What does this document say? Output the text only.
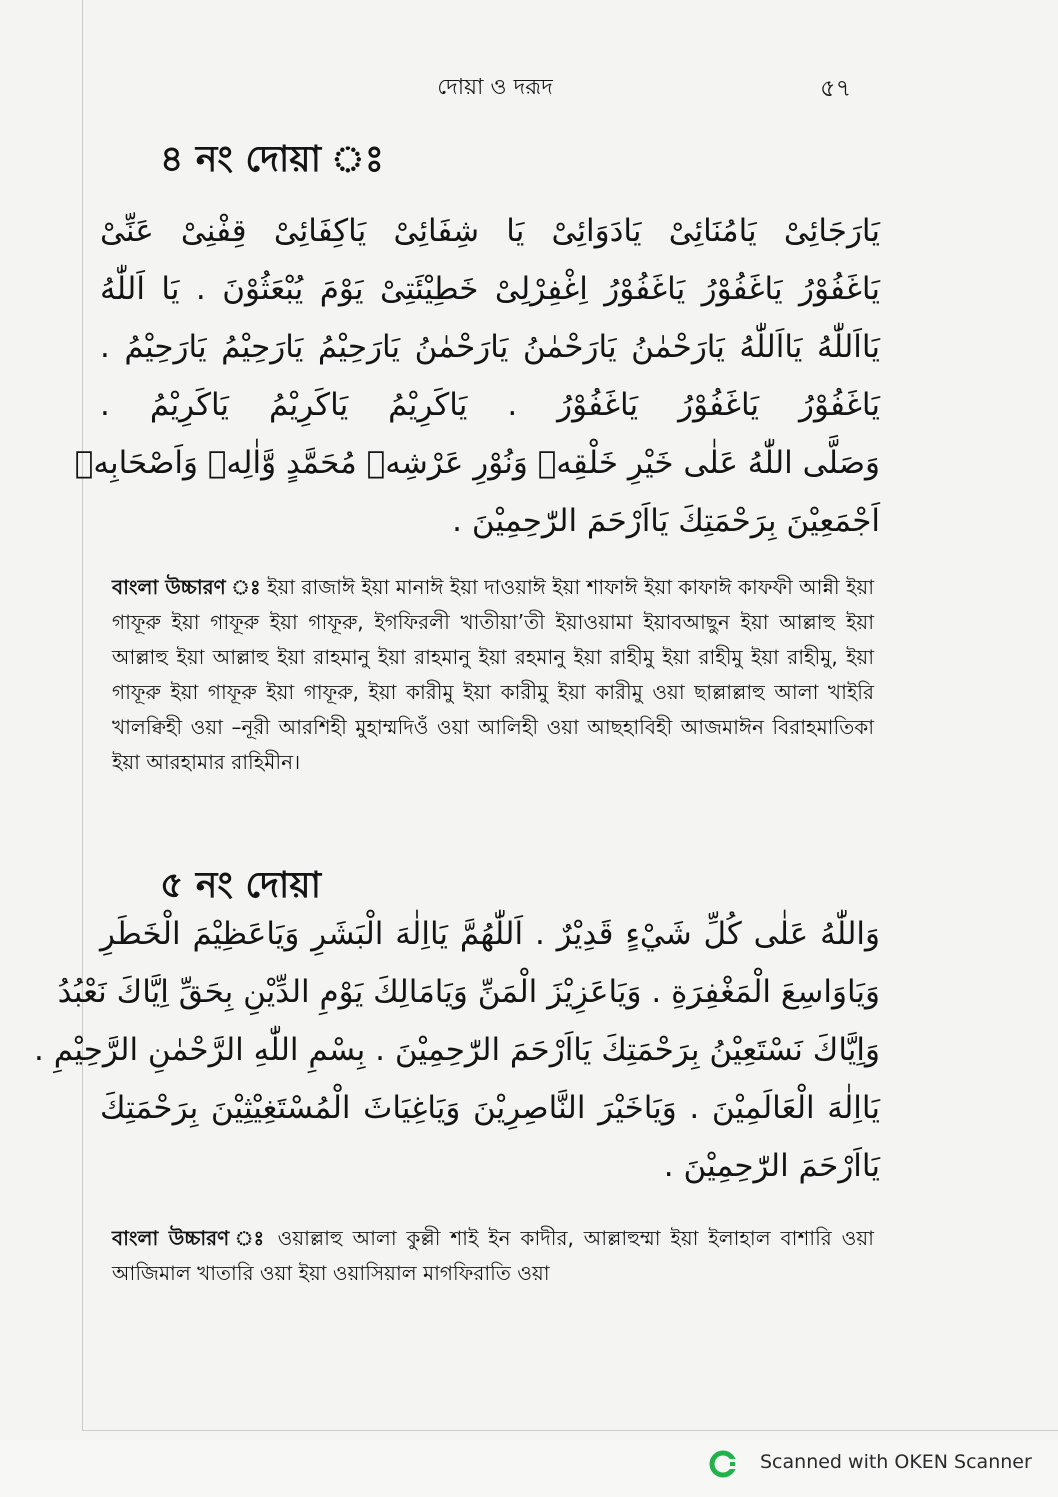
দোয়া ও দরূদ	৫৭
৪ নং দোয়া ঃ
يَارَجَائِىْ يَامُنَائِىْ يَادَوَائِىْ يَا شِفَائِىْ يَاكِفَائِىْ قِفْنِىْ عَنِّىْ
يَاغَفُوْرُ يَاغَفُوْرُ يَاغَفُوْرُ اِغْفِرْلِىْ خَطِيْئَتِىْ يَوْمَ يُبْعَثُوْنَ . يَا اَللّٰهُ
يَااَللّٰهُ يَااَللّٰهُ يَارَحْمٰنُ يَارَحْمٰنُ يَارَحْمٰنُ يَارَحِيْمُ يَارَحِيْمُ يَارَحِيْمُ .
يَاغَفُوْرُ يَاغَفُوْرُ يَاغَفُوْرُ . يَاكَرِيْمُ يَاكَرِيْمُ يَاكَرِيْمُ .
وَصَلَّى اللّٰهُ عَلٰى خَيْرِ خَلْقِهٖ وَنُوْرِ عَرْشِهٖ مُحَمَّدٍ وَّاٰلِهٖ وَاَصْحَابِهٖ
اَجْمَعِيْنَ بِرَحْمَتِكَ يَااَرْحَمَ الرّٰحِمِيْنَ .
বাংলা উচ্চারণ ঃ ইয়া রাজাঈ ইয়া মানাঈ ইয়া দাওয়াঈ ইয়া শাফাঈ ইয়া কাফাঈ কাফফী আন্নী ইয়া গাফূরু ইয়া গাফূরু ইয়া গাফূরু, ইগফিরলী খাতীয়া’তী ইয়াওয়ামা ইয়াবআছুন ইয়া আল্লাহু ইয়া আল্লাহু ইয়া আল্লাহু ইয়া রাহমানু ইয়া রাহমানু ইয়া রহমানু ইয়া রাহীমু ইয়া রাহীমু ইয়া রাহীমু, ইয়া গাফূরু ইয়া গাফূরু ইয়া গাফূরু, ইয়া কারীমু ইয়া কারীমু ইয়া কারীমু ওয়া ছাল্লাল্লাহু আলা খাইরি খালক্বিহী ওয়া –নূরী আরশিহী মুহাম্মদিওঁ ওয়া আলিহী ওয়া আছহাবিহী আজমাঈন বিরাহমাতিকা ইয়া আরহামার রাহিমীন।
৫ নং দোয়া
وَاللّٰهُ عَلٰى كُلِّ شَيْءٍ قَدِيْرٌ . اَللّٰهُمَّ يَااِلٰهَ الْبَشَرِ وَيَاعَظِيْمَ الْخَطَرِ
وَيَاوَاسِعَ الْمَغْفِرَةِ . وَيَاعَزِيْزَ الْمَنِّ وَيَامَالِكَ يَوْمِ الدِّيْنِ بِحَقِّ اِيَّاكَ نَعْبُدُ
وَاِيَّاكَ نَسْتَعِيْنُ بِرَحْمَتِكَ يَااَرْحَمَ الرّٰحِمِيْنَ . بِسْمِ اللّٰهِ الرَّحْمٰنِ الرَّحِيْمِ .
يَااِلٰهَ الْعَالَمِيْنَ . وَيَاخَيْرَ النَّاصِرِيْنَ وَيَاغِيَاثَ الْمُسْتَغِيْثِيْنَ بِرَحْمَتِكَ
يَااَرْحَمَ الرّٰحِمِيْنَ .
বাংলা উচ্চারণ ঃ ওয়াল্লাহু আলা কুল্লী শাই ইন কাদীর, আল্লাহুম্মা ইয়া ইলাহাল বাশারি ওয়া আজিমাল খাতারি ওয়া ইয়া ওয়াসিয়াল মাগফিরাতি ওয়া
Scanned with OKEN Scanner
